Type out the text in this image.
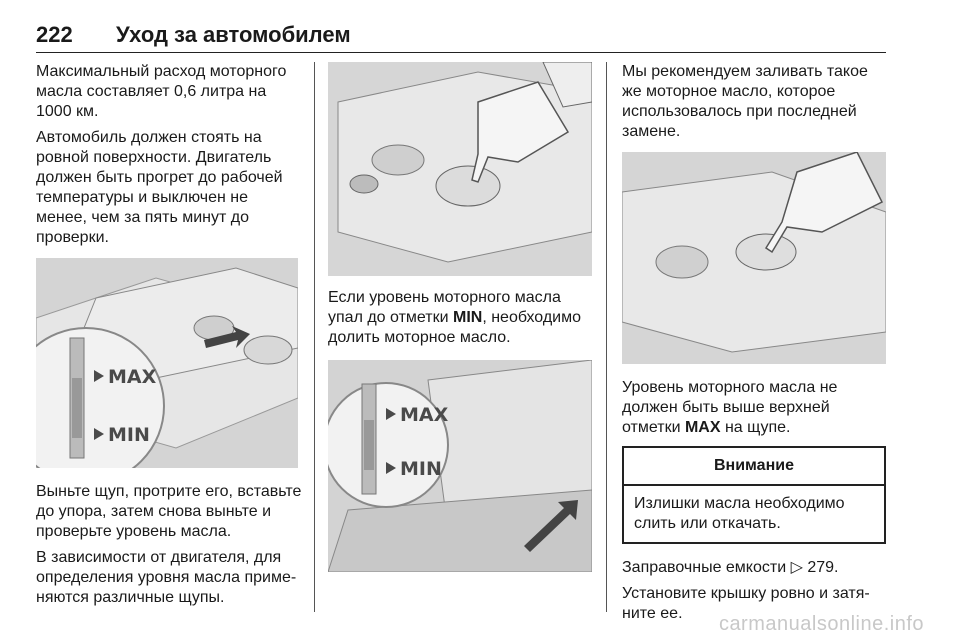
222 Уход за автомобилем

Максимальный расход моторного масла составляет 0,6 литра на 1000 км.

Автомобиль должен стоять на ровной поверхности. Двигатель должен быть прогрет до рабочей температуры и выключен не менее, чем за пять минут до проверки.

MAX
MIN

Выньте щуп, протрите его, вставьте до упора, затем снова выньте и проверьте уровень масла.

В зависимости от двигателя, для определения уровня масла применяются различные щупы.

Если уровень моторного масла упал до отметки MIN, необходимо долить моторное масло.

MAX
MIN

Мы рекомендуем заливать такое же моторное масло, которое использовалось при последней замене.

Уровень моторного масла не должен быть выше верхней отметки MAX на щупе.

Внимание
Излишки масла необходимо слить или откачать.

Заправочные емкости ▷ 279.

Установите крышку ровно и затяните ее.	carmanualsonline.info
